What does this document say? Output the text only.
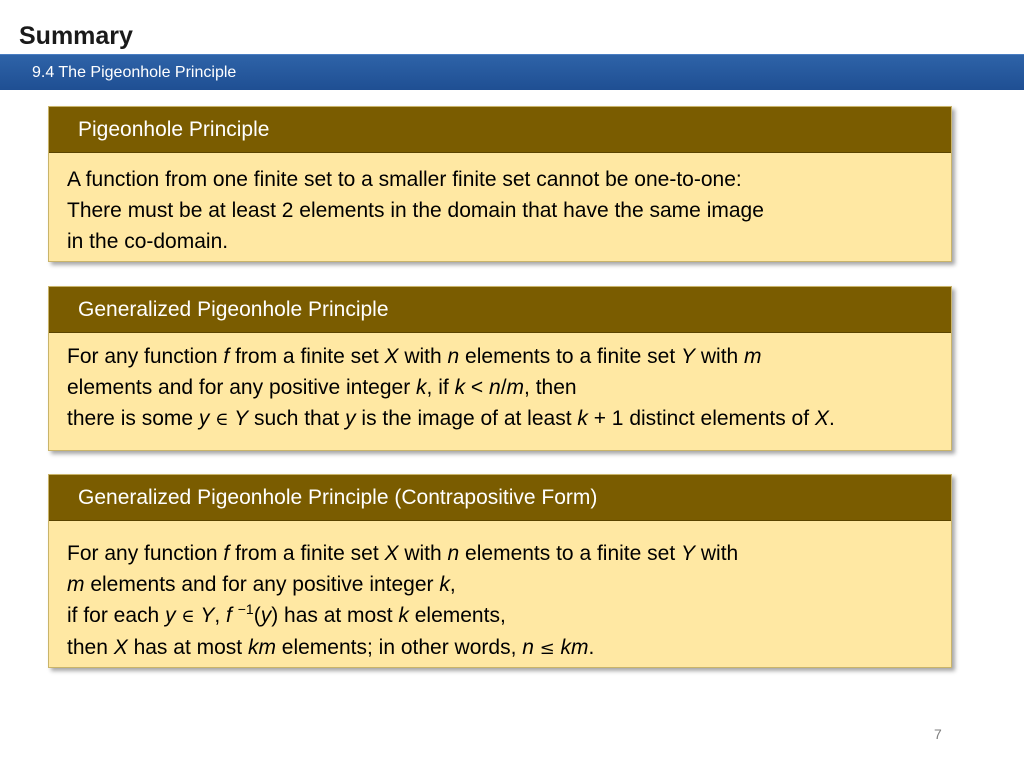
Summary
9.4 The Pigeonhole Principle
Pigeonhole Principle
A function from one finite set to a smaller finite set cannot be one-to-one:
There must be at least 2 elements in the domain that have the same image
in the co-domain.
Generalized Pigeonhole Principle
For any function f from a finite set X with n elements to a finite set Y with m
elements and for any positive integer k, if k < n/m, then
there is some y ∈ Y such that y is the image of at least k + 1 distinct elements of X.
Generalized Pigeonhole Principle (Contrapositive Form)
For any function f from a finite set X with n elements to a finite set Y with
m elements and for any positive integer k,
if for each y ∈ Y, f $^{-1}$(y) has at most k elements,
then X has at most km elements; in other words, n ≤ km.
7
